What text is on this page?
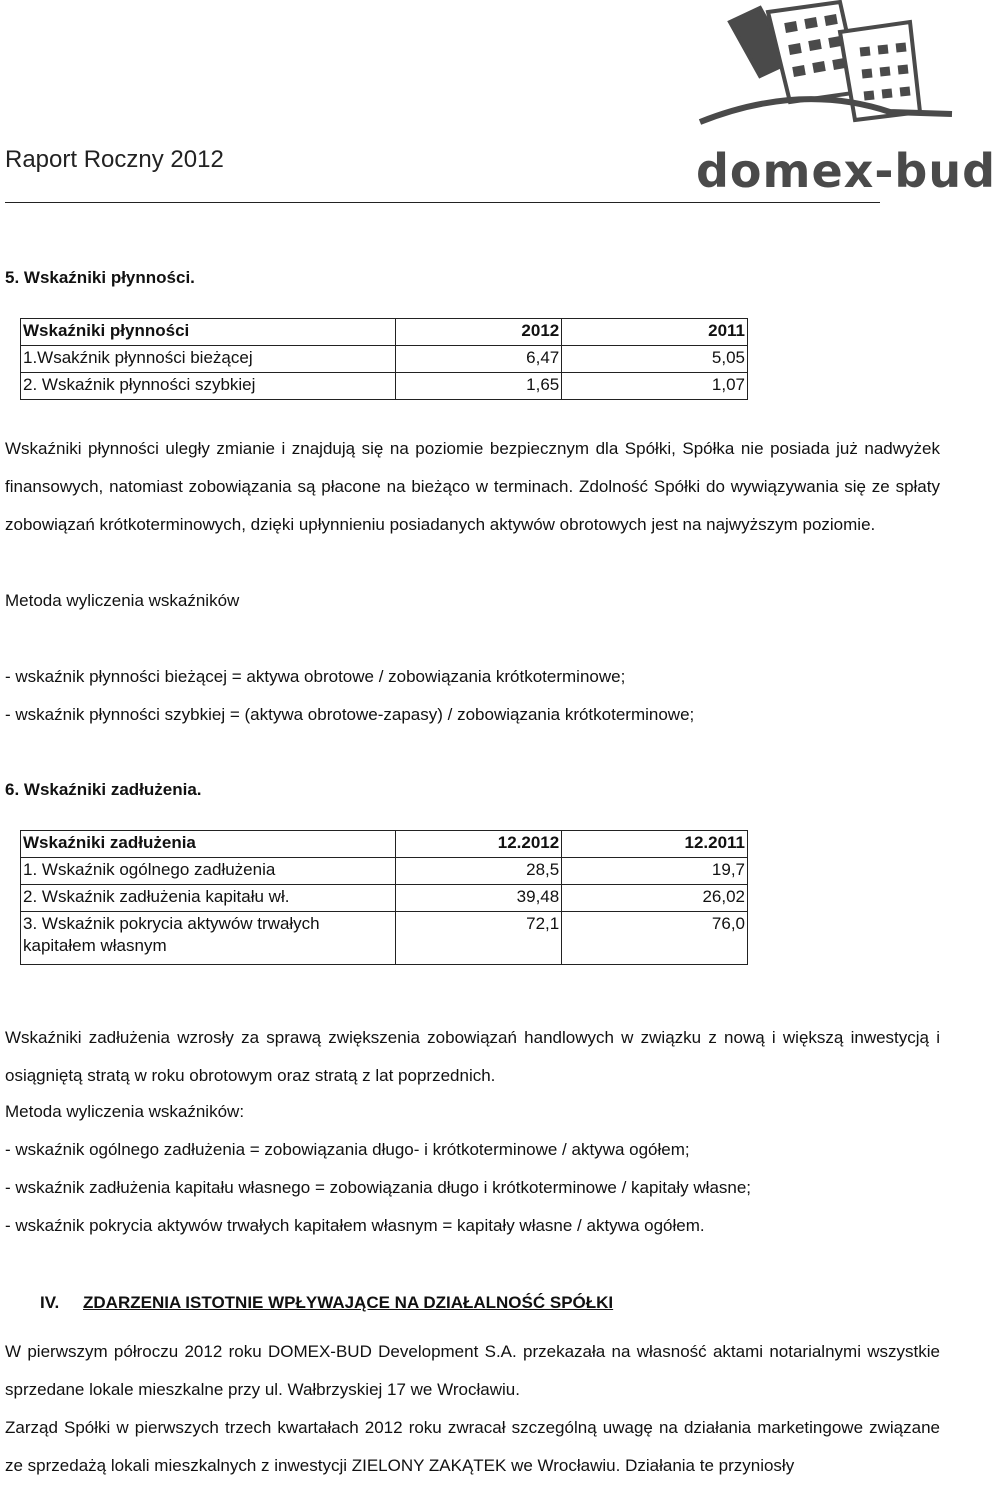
Raport Roczny 2012	domex-bud
5. Wskaźniki płynności.
Wskaźniki płynności	2012	2011
1.Wsakźnik płynności bieżącej	6,47	5,05
2. Wskaźnik płynności szybkiej	1,65	1,07
Wskaźniki płynności uległy zmianie i znajdują się na poziomie bezpiecznym dla Spółki, Spółka nie posiada już nadwyżek finansowych, natomiast zobowiązania są płacone na bieżąco w terminach. Zdolność Spółki do wywiązywania się ze spłaty zobowiązań krótkoterminowych, dzięki upłynnieniu posiadanych aktywów obrotowych jest na najwyższym poziomie.
Metoda wyliczenia wskaźników
- wskaźnik płynności bieżącej = aktywa obrotowe / zobowiązania krótkoterminowe;
- wskaźnik płynności szybkiej = (aktywa obrotowe-zapasy) / zobowiązania krótkoterminowe;
6. Wskaźniki zadłużenia.
Wskaźniki zadłużenia	12.2012	12.2011
1. Wskaźnik ogólnego zadłużenia	28,5	19,7
2. Wskaźnik zadłużenia kapitału wł.	39,48	26,02
3. Wskaźnik pokrycia aktywów trwałych kapitałem własnym	72,1	76,0
Wskaźniki zadłużenia wzrosły za sprawą zwiększenia zobowiązań handlowych w związku z nową i większą inwestycją i osiągniętą stratą w roku obrotowym oraz stratą z lat poprzednich.
Metoda wyliczenia wskaźników:
- wskaźnik ogólnego zadłużenia = zobowiązania długo- i krótkoterminowe / aktywa ogółem;
- wskaźnik zadłużenia kapitału własnego = zobowiązania długo i krótkoterminowe / kapitały własne;
- wskaźnik pokrycia aktywów trwałych kapitałem własnym = kapitały własne / aktywa ogółem.
IV. ZDARZENIA ISTOTNIE WPŁYWAJĄCE NA DZIAŁALNOŚĆ SPÓŁKI
W pierwszym półroczu 2012 roku DOMEX-BUD Development S.A. przekazała na własność aktami notarialnymi wszystkie sprzedane lokale mieszkalne przy ul. Wałbrzyskiej 17 we Wrocławiu.
Zarząd Spółki w pierwszych trzech kwartałach 2012 roku zwracał szczególną uwagę na działania marketingowe związane ze sprzedażą lokali mieszkalnych z inwestycji ZIELONY ZAKĄTEK we Wrocławiu. Działania te przyniosły
